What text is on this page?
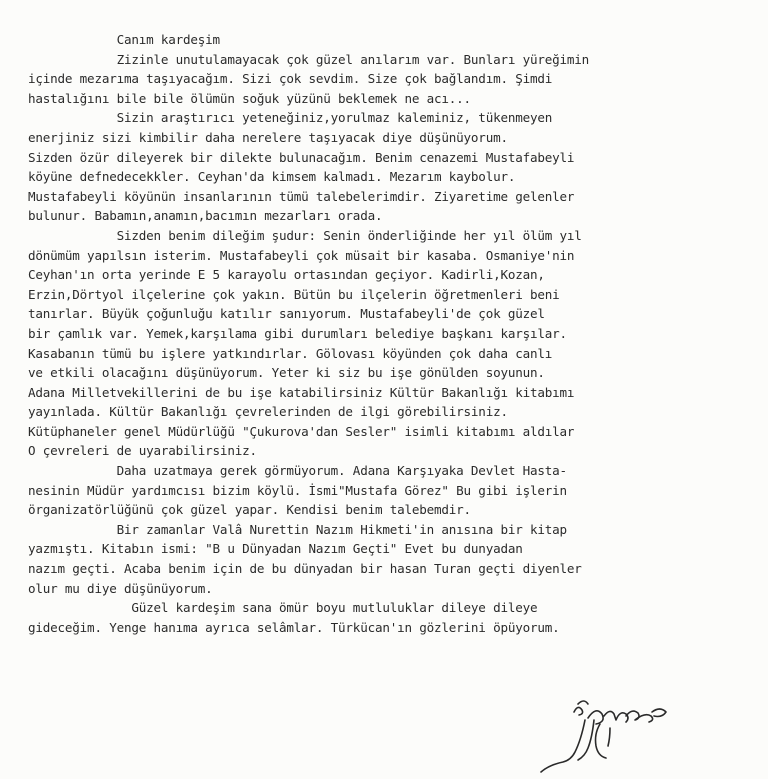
Canım kardeşim
Zizinle unutulamayacak çok güzel anılarım var. Bunları yüreğimin
içinde mezarıma taşıyacağım. Sizi çok sevdim. Size çok bağlandım. Şimdi
hastalığını bile bile ölümün soğuk yüzünü beklemek ne acı...
Sizin araştırıcı yeteneğiniz,yorulmaz kaleminiz, tükenmeyen
enerjiniz sizi kimbilir daha nerelere taşıyacak diye düşünüyorum.
Sizden özür dileyerek bir dilekte bulunacağım. Benim cenazemi Mustafabeyli
köyüne defnedecekkler. Ceyhan'da kimsem kalmadı. Mezarım kaybolur.
Mustafabeyli köyünün insanlarının tümü talebelerimdir. Ziyaretime gelenler
bulunur. Babamın,anamın,bacımın mezarları orada.
Sizden benim dileğim şudur: Senin önderliğinde her yıl ölüm yıl
dönümüm yapılsın isterim. Mustafabeyli çok müsait bir kasaba. Osmaniye'nin
Ceyhan'ın orta yerinde E 5 karayolu ortasından geçiyor. Kadirli,Kozan,
Erzin,Dörtyol ilçelerine çok yakın. Bütün bu ilçelerin öğretmenleri beni
tanırlar. Büyük çoğunluğu katılır sanıyorum. Mustafabeyli'de çok güzel
bir çamlık var. Yemek,karşılama gibi durumları belediye başkanı karşılar.
Kasabanın tümü bu işlere yatkındırlar. Gölovası köyünden çok daha canlı
ve etkili olacağını düşünüyorum. Yeter ki siz bu işe gönülden soyunun.
Adana Milletvekillerini de bu işe katabilirsiniz Kültür Bakanlığı kitabımı
yayınlada. Kültür Bakanlığı çevrelerinden de ilgi görebilirsiniz.
Kütüphaneler genel Müdürlüğü "Çukurova'dan Sesler" isimli kitabımı aldılar
O çevreleri de uyarabilirsiniz.
Daha uzatmaya gerek görmüyorum. Adana Karşıyaka Devlet Hasta-
nesinin Müdür yardımcısı bizim köylü. İsmi"Mustafa Görez" Bu gibi işlerin
örganizatörlüğünü çok güzel yapar. Kendisi benim talebemdir.
Bir zamanlar Valâ Nurettin Nazım Hikmeti'in anısına bir kitap
yazmıştı. Kitabın ismi: "B u Dünyadan Nazım Geçti" Evet bu dunyadan
nazım geçti. Acaba benim için de bu dünyadan bir hasan Turan geçti diyenler
olur mu diye düşünüyorum.
Güzel kardeşim sana ömür boyu mutluluklar dileye dileye
gideceğim. Yenge hanıma ayrıca selâmlar. Türkücan'ın gözlerini öpüyorum.
